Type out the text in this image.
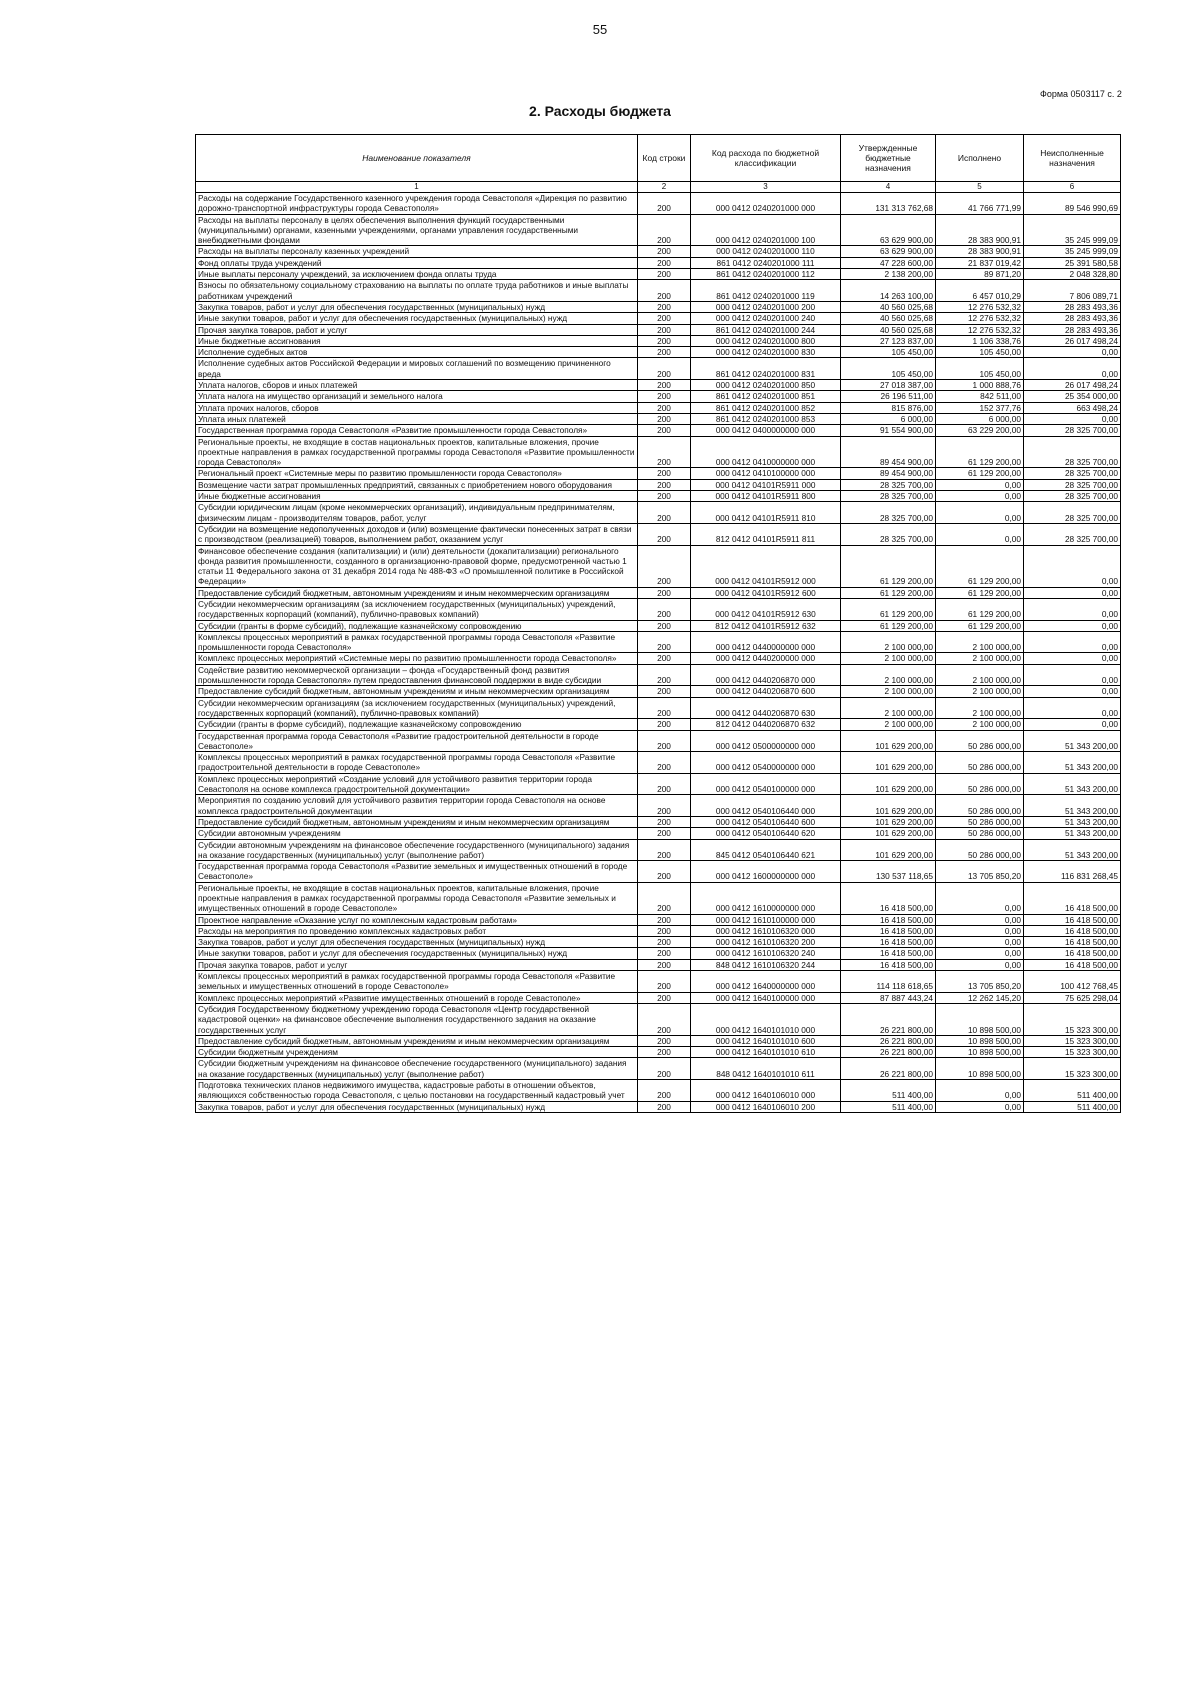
55
Форма 0503117 с. 2
2. Расходы бюджета
Наименование показателя	Код строки	Код расхода по бюджетной классификации	Утвержденные бюджетные назначения	Исполнено	Неисполненные назначения
1	2	3	4	5	6
Расходы на содержание Государственного казенного учреждения города Севастополя «Дирекция по развитию дорожно-транспортной инфраструктуры города Севастополя»	200	000 0412 0240201000 000	131 313 762,68	41 766 771,99	89 546 990,69
Расходы на выплаты персоналу в целях обеспечения выполнения функций государственными (муниципальными) органами, казенными учреждениями, органами управления государственными внебюджетными фондами	200	000 0412 0240201000 100	63 629 900,00	28 383 900,91	35 245 999,09
Расходы на выплаты персоналу казенных учреждений	200	000 0412 0240201000 110	63 629 900,00	28 383 900,91	35 245 999,09
Фонд оплаты труда учреждений	200	861 0412 0240201000 111	47 228 600,00	21 837 019,42	25 391 580,58
Иные выплаты персоналу учреждений, за исключением фонда оплаты труда	200	861 0412 0240201000 112	2 138 200,00	89 871,20	2 048 328,80
Взносы по обязательному социальному страхованию на выплаты по оплате труда работников и иные выплаты работникам учреждений	200	861 0412 0240201000 119	14 263 100,00	6 457 010,29	7 806 089,71
Закупка товаров, работ и услуг для обеспечения государственных (муниципальных) нужд	200	000 0412 0240201000 200	40 560 025,68	12 276 532,32	28 283 493,36
Иные закупки товаров, работ и услуг для обеспечения государственных (муниципальных) нужд	200	000 0412 0240201000 240	40 560 025,68	12 276 532,32	28 283 493,36
Прочая закупка товаров, работ и услуг	200	861 0412 0240201000 244	40 560 025,68	12 276 532,32	28 283 493,36
Иные бюджетные ассигнования	200	000 0412 0240201000 800	27 123 837,00	1 106 338,76	26 017 498,24
Исполнение судебных актов	200	000 0412 0240201000 830	105 450,00	105 450,00	0,00
Исполнение судебных актов Российской Федерации и мировых соглашений по возмещению причиненного вреда	200	861 0412 0240201000 831	105 450,00	105 450,00	0,00
Уплата налогов, сборов и иных платежей	200	000 0412 0240201000 850	27 018 387,00	1 000 888,76	26 017 498,24
Уплата налога на имущество организаций и земельного налога	200	861 0412 0240201000 851	26 196 511,00	842 511,00	25 354 000,00
Уплата прочих налогов, сборов	200	861 0412 0240201000 852	815 876,00	152 377,76	663 498,24
Уплата иных платежей	200	861 0412 0240201000 853	6 000,00	6 000,00	0,00
Государственная программа города Севастополя «Развитие промышленности города Севастополя»	200	000 0412 0400000000 000	91 554 900,00	63 229 200,00	28 325 700,00
Региональные проекты, не входящие в состав национальных проектов, капитальные вложения, прочие проектные направления в рамках государственной программы города Севастополя «Развитие промышленности города Севастополя»	200	000 0412 0410000000 000	89 454 900,00	61 129 200,00	28 325 700,00
Региональный проект «Системные меры по развитию промышленности города Севастополя»	200	000 0412 0410100000 000	89 454 900,00	61 129 200,00	28 325 700,00
Возмещение части затрат промышленных предприятий, связанных с приобретением нового оборудования	200	000 0412 04101R5911 000	28 325 700,00	0,00	28 325 700,00
Иные бюджетные ассигнования	200	000 0412 04101R5911 800	28 325 700,00	0,00	28 325 700,00
Субсидии юридическим лицам (кроме некоммерческих организаций), индивидуальным предпринимателям, физическим лицам - производителям товаров, работ, услуг	200	000 0412 04101R5911 810	28 325 700,00	0,00	28 325 700,00
Субсидии на возмещение недополученных доходов и (или) возмещение фактически понесенных затрат в связи с производством (реализацией) товаров, выполнением работ, оказанием услуг	200	812 0412 04101R5911 811	28 325 700,00	0,00	28 325 700,00
Финансовое обеспечение создания (капитализации) и (или) деятельности (докапитализации) регионального фонда развития промышленности, созданного в организационно-правовой форме, предусмотренной частью 1 статьи 11 Федерального закона от 31 декабря 2014 года № 488-ФЗ «О промышленной политике в Российской Федерации»	200	000 0412 04101R5912 000	61 129 200,00	61 129 200,00	0,00
Предоставление субсидий бюджетным, автономным учреждениям и иным некоммерческим организациям	200	000 0412 04101R5912 600	61 129 200,00	61 129 200,00	0,00
Субсидии некоммерческим организациям (за исключением государственных (муниципальных) учреждений, государственных корпораций (компаний), публично-правовых компаний)	200	000 0412 04101R5912 630	61 129 200,00	61 129 200,00	0,00
Субсидии (гранты в форме субсидий), подлежащие казначейскому сопровождению	200	812 0412 04101R5912 632	61 129 200,00	61 129 200,00	0,00
Комплексы процессных мероприятий в рамках государственной программы города Севастополя «Развитие промышленности города Севастополя»	200	000 0412 0440000000 000	2 100 000,00	2 100 000,00	0,00
Комплекс процессных мероприятий «Системные меры по развитию промышленности города Севастополя»	200	000 0412 0440200000 000	2 100 000,00	2 100 000,00	0,00
Содействие развитию некоммерческой организации – фонда «Государственный фонд развития промышленности города Севастополя» путем предоставления финансовой поддержки в виде субсидии	200	000 0412 0440206870 000	2 100 000,00	2 100 000,00	0,00
Предоставление субсидий бюджетным, автономным учреждениям и иным некоммерческим организациям	200	000 0412 0440206870 600	2 100 000,00	2 100 000,00	0,00
Субсидии некоммерческим организациям (за исключением государственных (муниципальных) учреждений, государственных корпораций (компаний), публично-правовых компаний)	200	000 0412 0440206870 630	2 100 000,00	2 100 000,00	0,00
Субсидии (гранты в форме субсидий), подлежащие казначейскому сопровождению	200	812 0412 0440206870 632	2 100 000,00	2 100 000,00	0,00
Государственная программа города Севастополя «Развитие градостроительной деятельности в городе Севастополе»	200	000 0412 0500000000 000	101 629 200,00	50 286 000,00	51 343 200,00
Комплексы процессных мероприятий в рамках государственной программы города Севастополя «Развитие градостроительной деятельности в городе Севастополе»	200	000 0412 0540000000 000	101 629 200,00	50 286 000,00	51 343 200,00
Комплекс процессных мероприятий «Создание условий для устойчивого развития территории города Севастополя на основе комплекса градостроительной документации»	200	000 0412 0540100000 000	101 629 200,00	50 286 000,00	51 343 200,00
Мероприятия по созданию условий для устойчивого развития территории города Севастополя на основе комплекса градостроительной документации	200	000 0412 0540106440 000	101 629 200,00	50 286 000,00	51 343 200,00
Предоставление субсидий бюджетным, автономным учреждениям и иным некоммерческим организациям	200	000 0412 0540106440 600	101 629 200,00	50 286 000,00	51 343 200,00
Субсидии автономным учреждениям	200	000 0412 0540106440 620	101 629 200,00	50 286 000,00	51 343 200,00
Субсидии автономным учреждениям на финансовое обеспечение государственного (муниципального) задания на оказание государственных (муниципальных) услуг (выполнение работ)	200	845 0412 0540106440 621	101 629 200,00	50 286 000,00	51 343 200,00
Государственная программа города Севастополя «Развитие земельных и имущественных отношений в городе Севастополе»	200	000 0412 1600000000 000	130 537 118,65	13 705 850,20	116 831 268,45
Региональные проекты, не входящие в состав национальных проектов, капитальные вложения, прочие проектные направления в рамках государственной программы города Севастополя «Развитие земельных и имущественных отношений в городе Севастополе»	200	000 0412 1610000000 000	16 418 500,00	0,00	16 418 500,00
Проектное направление «Оказание услуг по комплексным кадастровым работам»	200	000 0412 1610100000 000	16 418 500,00	0,00	16 418 500,00
Расходы на мероприятия по проведению комплексных кадастровых работ	200	000 0412 1610106320 000	16 418 500,00	0,00	16 418 500,00
Закупка товаров, работ и услуг для обеспечения государственных (муниципальных) нужд	200	000 0412 1610106320 200	16 418 500,00	0,00	16 418 500,00
Иные закупки товаров, работ и услуг для обеспечения государственных (муниципальных) нужд	200	000 0412 1610106320 240	16 418 500,00	0,00	16 418 500,00
Прочая закупка товаров, работ и услуг	200	848 0412 1610106320 244	16 418 500,00	0,00	16 418 500,00
Комплексы процессных мероприятий в рамках государственной программы города Севастополя «Развитие земельных и имущественных отношений в городе Севастополе»	200	000 0412 1640000000 000	114 118 618,65	13 705 850,20	100 412 768,45
Комплекс процессных мероприятий «Развитие имущественных отношений в городе Севастополе»	200	000 0412 1640100000 000	87 887 443,24	12 262 145,20	75 625 298,04
Субсидия Государственному бюджетному учреждению города Севастополя «Центр государственной кадастровой оценки» на финансовое обеспечение выполнения государственного задания на оказание государственных услуг	200	000 0412 1640101010 000	26 221 800,00	10 898 500,00	15 323 300,00
Предоставление субсидий бюджетным, автономным учреждениям и иным некоммерческим организациям	200	000 0412 1640101010 600	26 221 800,00	10 898 500,00	15 323 300,00
Субсидии бюджетным учреждениям	200	000 0412 1640101010 610	26 221 800,00	10 898 500,00	15 323 300,00
Субсидии бюджетным учреждениям на финансовое обеспечение государственного (муниципального) задания на оказание государственных (муниципальных) услуг (выполнение работ)	200	848 0412 1640101010 611	26 221 800,00	10 898 500,00	15 323 300,00
Подготовка технических планов недвижимого имущества, кадастровые работы в отношении объектов, являющихся собственностью города Севастополя, с целью постановки на государственный кадастровый учет	200	000 0412 1640106010 000	511 400,00	0,00	511 400,00
Закупка товаров, работ и услуг для обеспечения государственных (муниципальных) нужд	200	000 0412 1640106010 200	511 400,00	0,00	511 400,00
